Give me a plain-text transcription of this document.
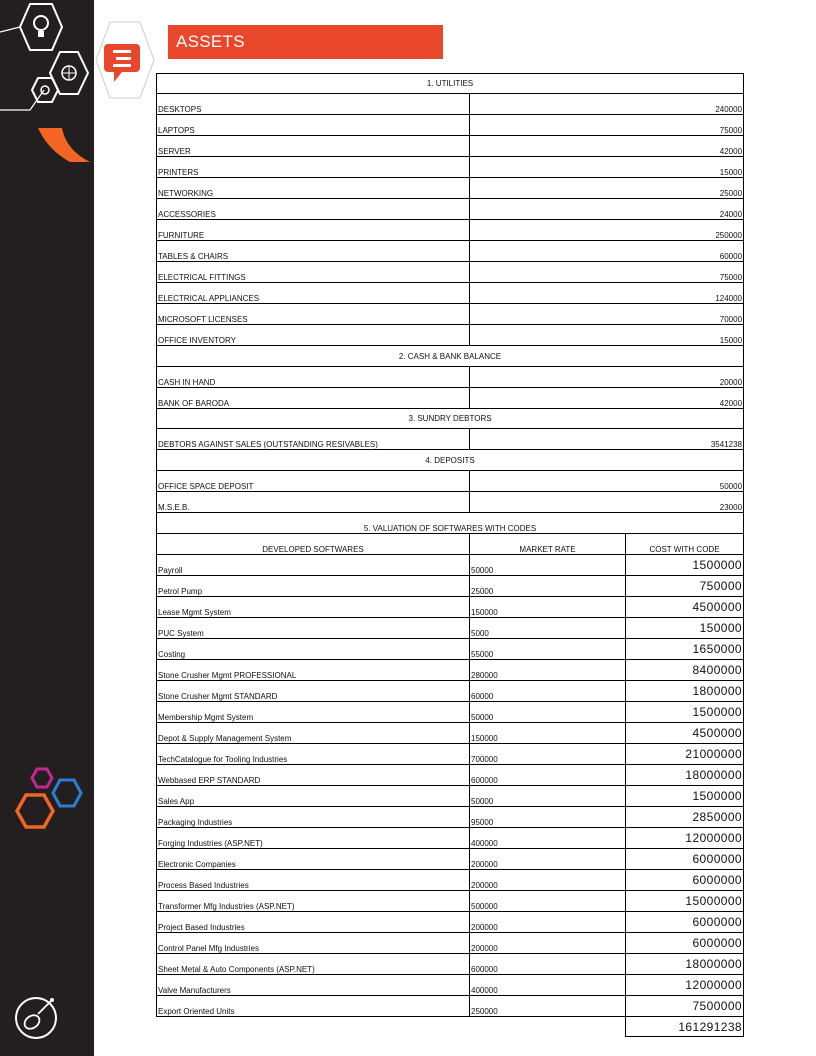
ASSETS
1. UTILITIES		
DESKTOPS	240000	
LAPTOPS	75000	
SERVER	42000	
PRINTERS	15000	
NETWORKING	25000	
ACCESSORIES	24000	
FURNITURE	250000	
TABLES & CHAIRS	60000	
ELECTRICAL FITTINGS	75000	
ELECTRICAL APPLIANCES	124000	
MICROSOFT LICENSES	70000	
OFFICE INVENTORY	15000	
2. CASH & BANK BALANCE		
CASH IN HAND	20000	
BANK OF BARODA	42000	
3. SUNDRY DEBTORS		
DEBTORS AGAINST SALES (OUTSTANDING RESIVABLES)	3541238	
4. DEPOSITS		
OFFICE SPACE DEPOSIT	50000	
M.S.E.B.	23000	
5. VALUATION OF SOFTWARES WITH CODES		
DEVELOPED SOFTWARES	MARKET RATE	COST WITH CODE
Payroll	50000	1500000
Petrol Pump	25000	750000
Lease Mgmt System	150000	4500000
PUC System	5000	150000
Costing	55000	1650000
Stone Crusher Mgmt PROFESSIONAL	280000	8400000
Stone Crusher Mgmt STANDARD	60000	1800000
Membership Mgmt System	50000	1500000
Depot & Supply Management System	150000	4500000
TechCatalogue for Tooling Industries	700000	21000000
Webbased ERP STANDARD	600000	18000000
Sales App	50000	1500000
Packaging Industries	95000	2850000
Forging Industries (ASP.NET)	400000	12000000
Electronic Companies	200000	6000000
Process Based Industries	200000	6000000
Transformer Mfg Industries (ASP.NET)	500000	15000000
Project Based Industries	200000	6000000
Control Panel Mfg Industries	200000	6000000
Sheet Metal & Auto Components (ASP.NET)	600000	18000000
Valve Manufacturers	400000	12000000
Export Oriented Units	250000	7500000
		161291238
